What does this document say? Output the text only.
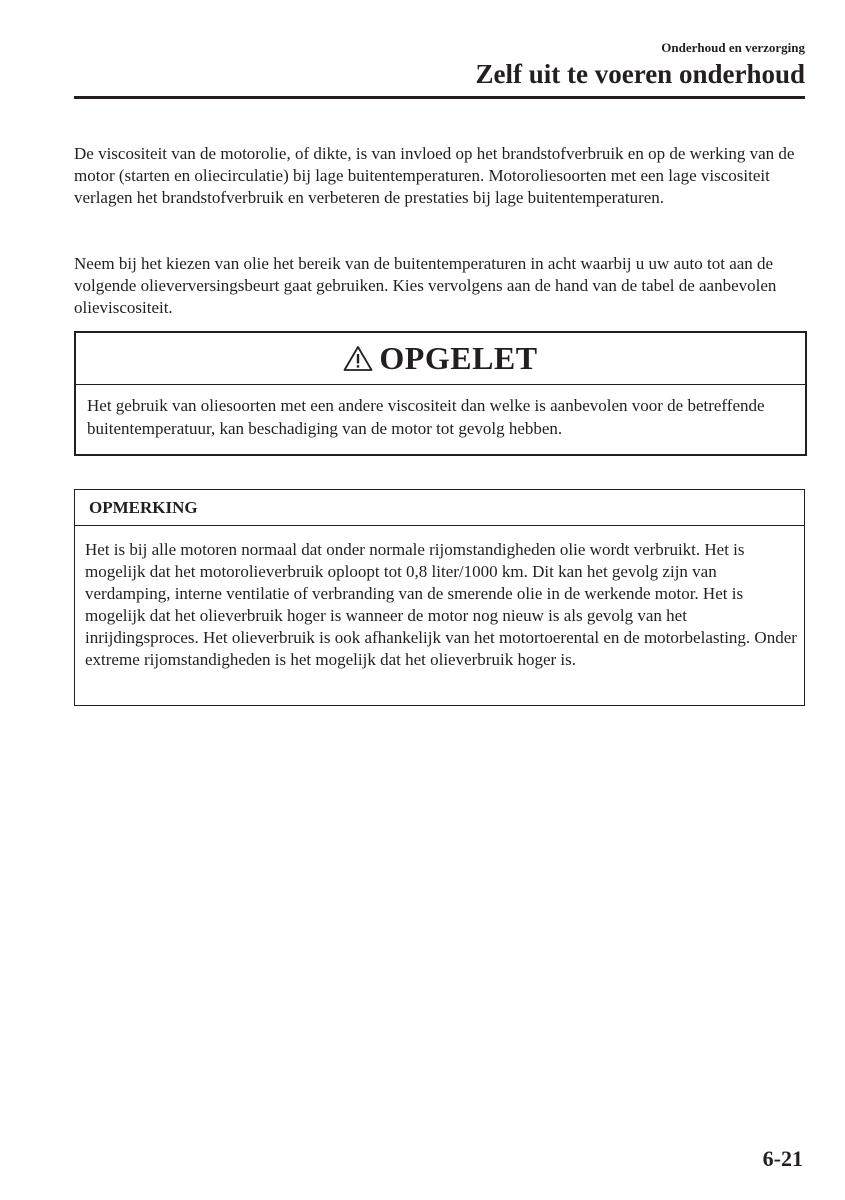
Onderhoud en verzorging
Zelf uit te voeren onderhoud
De viscositeit van de motorolie, of dikte, is van invloed op het brandstofverbruik en op de werking van de motor (starten en oliecirculatie) bij lage buitentemperaturen. Motoroliesoorten met een lage viscositeit verlagen het brandstofverbruik en verbeteren de prestaties bij lage buitentemperaturen.
Neem bij het kiezen van olie het bereik van de buitentemperaturen in acht waarbij u uw auto tot aan de volgende olieverversingsbeurt gaat gebruiken. Kies vervolgens aan de hand van de tabel de aanbevolen olieviscositeit.
OPGELET
Het gebruik van oliesoorten met een andere viscositeit dan welke is aanbevolen voor de betreffende buitentemperatuur, kan beschadiging van de motor tot gevolg hebben.
OPMERKING
Het is bij alle motoren normaal dat onder normale rijomstandigheden olie wordt verbruikt. Het is mogelijk dat het motorolieverbruik oploopt tot 0,8 liter/1000 km. Dit kan het gevolg zijn van verdamping, interne ventilatie of verbranding van de smerende olie in de werkende motor. Het is mogelijk dat het olieverbruik hoger is wanneer de motor nog nieuw is als gevolg van het inrijdingsproces. Het olieverbruik is ook afhankelijk van het motortoerental en de motorbelasting. Onder extreme rijomstandigheden is het mogelijk dat het olieverbruik hoger is.
6-21
